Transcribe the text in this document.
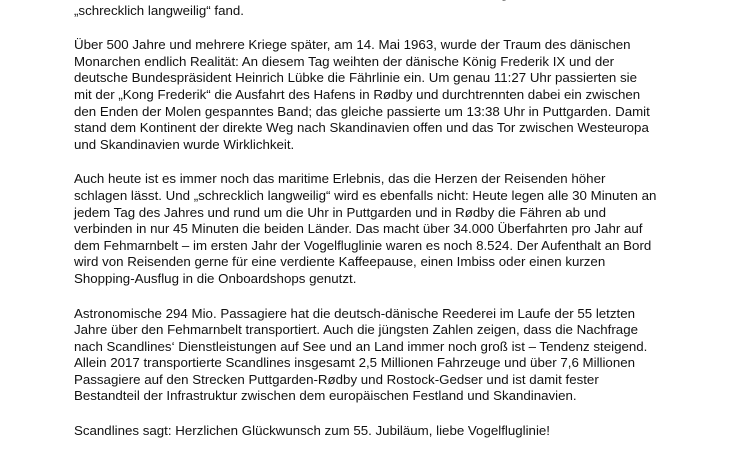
„schrecklich langweilig“ fand.

Über 500 Jahre und mehrere Kriege später, am 14. Mai 1963, wurde der Traum des dänischen
Monarchen endlich Realität: An diesem Tag weihten der dänische König Frederik IX und der
deutsche Bundespräsident Heinrich Lübke die Fährlinie ein. Um genau 11:27 Uhr passierten sie
mit der „Kong Frederik“ die Ausfahrt des Hafens in Rødby und durchtrennten dabei ein zwischen
den Enden der Molen gespanntes Band; das gleiche passierte um 13:38 Uhr in Puttgarden. Damit
stand dem Kontinent der direkte Weg nach Skandinavien offen und das Tor zwischen Westeuropa
und Skandinavien wurde Wirklichkeit.

Auch heute ist es immer noch das maritime Erlebnis, das die Herzen der Reisenden höher
schlagen lässt. Und „schrecklich langweilig“ wird es ebenfalls nicht: Heute legen alle 30 Minuten an
jedem Tag des Jahres und rund um die Uhr in Puttgarden und in Rødby die Fähren ab und
verbinden in nur 45 Minuten die beiden Länder. Das macht über 34.000 Überfahrten pro Jahr auf
dem Fehmarnbelt – im ersten Jahr der Vogelfluglinie waren es noch 8.524. Der Aufenthalt an Bord
wird von Reisenden gerne für eine verdiente Kaffeepause, einen Imbiss oder einen kurzen
Shopping-Ausflug in die Onboardshops genutzt.

Astronomische 294 Mio. Passagiere hat die deutsch-dänische Reederei im Laufe der 55 letzten
Jahre über den Fehmarnbelt transportiert. Auch die jüngsten Zahlen zeigen, dass die Nachfrage
nach Scandlines‘ Dienstleistungen auf See und an Land immer noch groß ist – Tendenz steigend.
Allein 2017 transportierte Scandlines insgesamt 2,5 Millionen Fahrzeuge und über 7,6 Millionen
Passagiere auf den Strecken Puttgarden-Rødby und Rostock-Gedser und ist damit fester
Bestandteil der Infrastruktur zwischen dem europäischen Festland und Skandinavien.

Scandlines sagt: Herzlichen Glückwunsch zum 55. Jubiläum, liebe Vogelfluglinie!
